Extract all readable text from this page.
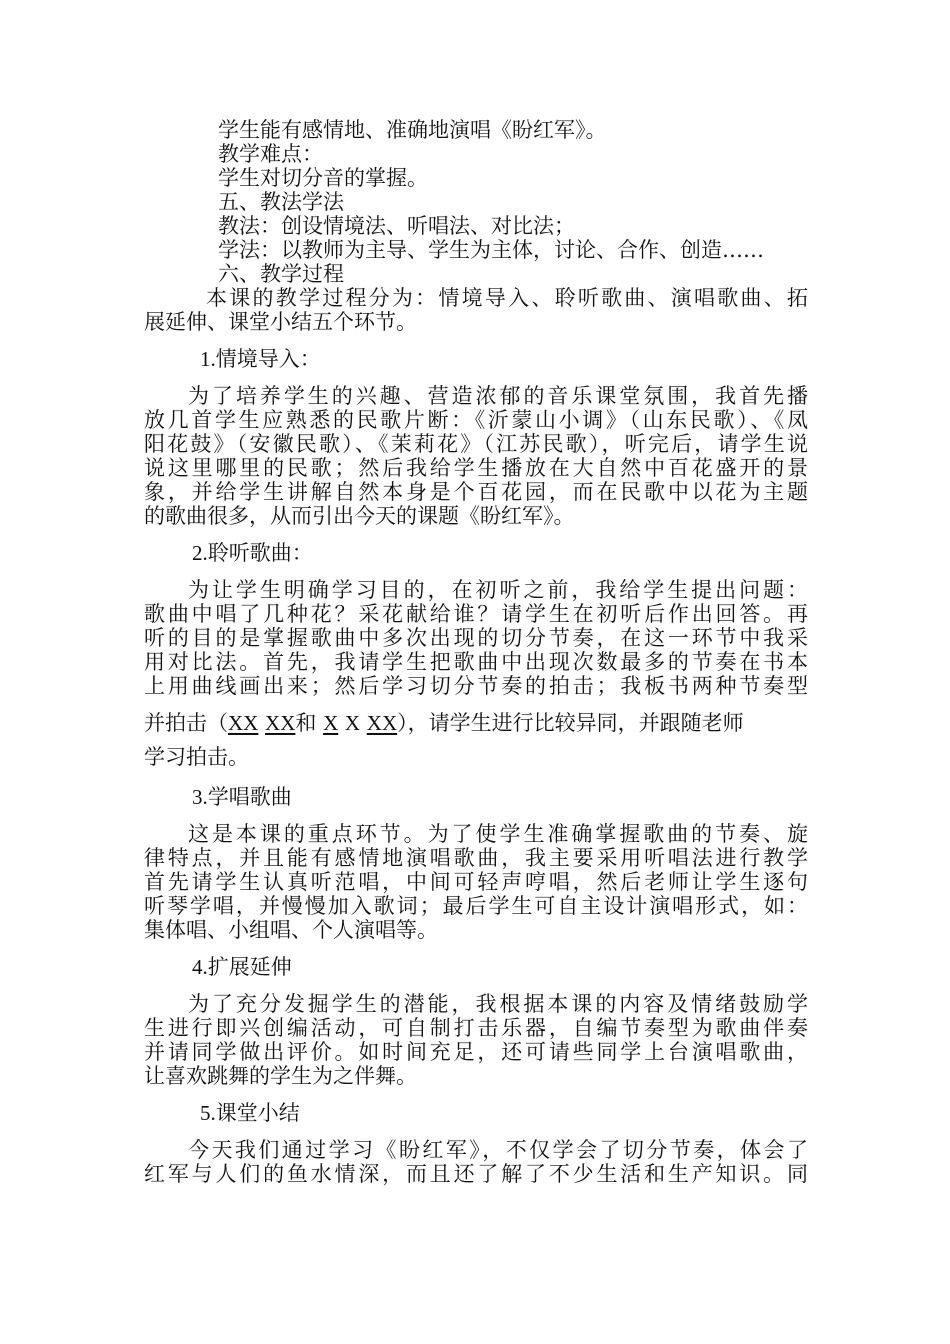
学生能有感情地、准确地演唱《盼红军》。
教学难点：
学生对切分音的掌握。
五、教法学法
教法：创设情境法、听唱法、对比法；
学法：以教师为主导、学生为主体，讨论、合作、创造……
六、教学过程
本课的教学过程分为：情境导入、聆听歌曲、演唱歌曲、拓
展延伸、课堂小结五个环节。
1.情境导入：
为了培养学生的兴趣、营造浓郁的音乐课堂氛围，我首先播
放几首学生应熟悉的民歌片断：《沂蒙山小调》（山东民歌）、《凤
阳花鼓》（安徽民歌）、《茉莉花》（江苏民歌），听完后，请学生说
说这里哪里的民歌；然后我给学生播放在大自然中百花盛开的景
象，并给学生讲解自然本身是个百花园，而在民歌中以花为主题
的歌曲很多，从而引出今天的课题《盼红军》。
2.聆听歌曲：
为让学生明确学习目的，在初听之前，我给学生提出问题：
歌曲中唱了几种花？采花献给谁？请学生在初听后作出回答。再
听的目的是掌握歌曲中多次出现的切分节奏，在这一环节中我采
用对比法。首先，我请学生把歌曲中出现次数最多的节奏在书本
上用曲线画出来；然后学习切分节奏的拍击；我板书两种节奏型
并拍击（XX XX和 X X XX），请学生进行比较异同，并跟随老师
学习拍击。
3.学唱歌曲
这是本课的重点环节。为了使学生准确掌握歌曲的节奏、旋
律特点，并且能有感情地演唱歌曲，我主要采用听唱法进行教学
首先请学生认真听范唱，中间可轻声哼唱，然后老师让学生逐句
听琴学唱，并慢慢加入歌词；最后学生可自主设计演唱形式，如：
集体唱、小组唱、个人演唱等。
4.扩展延伸
为了充分发掘学生的潜能，我根据本课的内容及情绪鼓励学
生进行即兴创编活动，可自制打击乐器，自编节奏型为歌曲伴奏
并请同学做出评价。如时间充足，还可请些同学上台演唱歌曲，
让喜欢跳舞的学生为之伴舞。
5.课堂小结
今天我们通过学习《盼红军》，不仅学会了切分节奏，体会了
红军与人们的鱼水情深，而且还了解了不少生活和生产知识。同
